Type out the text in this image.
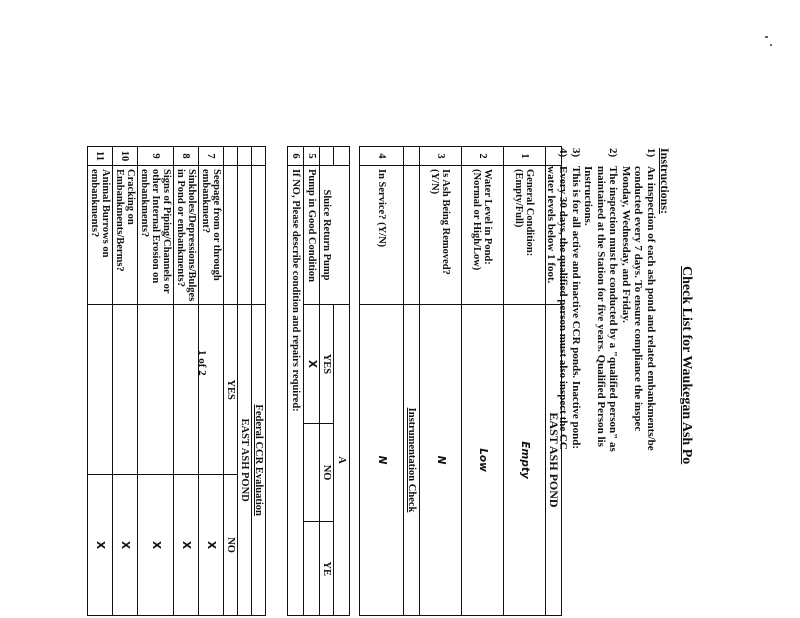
Check List for Waukegan Ash Po
Instructions:
1)An inspection of each ash pond and related embankments/be
conducted every 7 days. To ensure compliance the inspec
Monday, Wednesday, and Friday.
2)The inspection must be conducted by a "qualified person" as
maintained at the Station for five years. Qualified Person lis
Instructions.
3)This is for all active and inactive CCR ponds. Inactive pond:
4)Every 30 days, the qualified person must also inspect the CC
water levels below 1 foot.
		EAST ASH POND
1	General Condition: (Empty/Full)	Empty
2	Water Level in Pond: (Normal or High/Low)	Low
3	Is Ash Being Removed? (Y/N)	N
		Instrumentation Check
4	In Service? (Y/N)	N
		A		
	Sluice Return Pump	YES	NO	YE
5	Pump in Good Condition	X		
6	If NO, Please describe condition and repairs required:			
		Federal CCR Evaluation	
		EAST ASH POND	
		YES	NO
7	Seepage from or through embankment?		X
8	Sinkholes/Depressions/Bulges in Pond or embankments?		X
9	Signs of Piping/Channels or other Internal Erosion on embankments?		X
10	Cracking on Embankments/Berms?		X
11	Animal Burrows on embankments?		X
1 of 2
